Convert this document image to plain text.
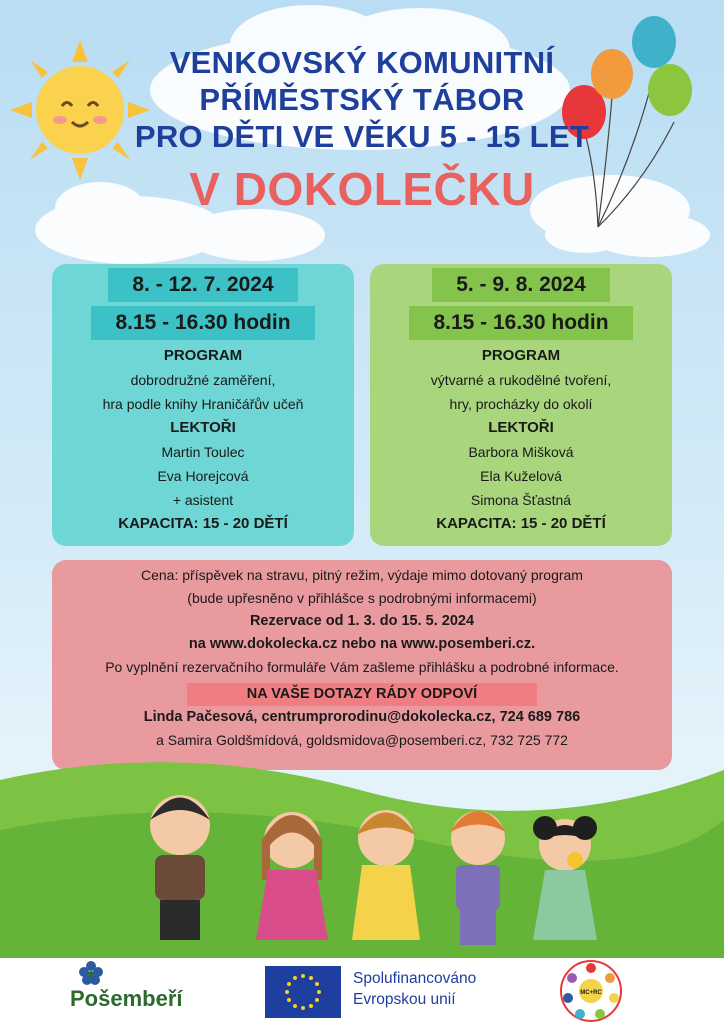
VENKOVSKÝ KOMUNITNÍ
PŘÍMĚSTSKÝ TÁBOR
PRO DĚTI VE VĚKU 5 - 15 LET
V DOKOLEČKU
8. - 12. 7. 2024
8.15 - 16.30 hodin
PROGRAM
dobrodružné zaměření,
hra podle knihy Hraničářův učeň
LEKTOŘI
Martin Toulec
Eva Horejcová
+ asistent
KAPACITA: 15 - 20 DĚTÍ
5. - 9. 8. 2024
8.15 - 16.30 hodin
PROGRAM
výtvarné a rukodělné tvoření,
hry, procházky do okolí
LEKTOŘI
Barbora Mišková
Ela Kuželová
Simona Šťastná
KAPACITA: 15 - 20 DĚTÍ
Cena: příspěvek na stravu, pitný režim, výdaje mimo dotovaný program
(bude upřesněno v přihlášce s podrobnými informacemi)
Rezervace od 1. 3. do 15. 5. 2024
na www.dokolecka.cz nebo na www.posemberi.cz.
Po vyplnění rezervačního formuláře Vám zašleme přihlášku a podrobné informace.
NA VAŠE DOTAZY RÁDY ODPOVÍ
Linda Pačesová, centrumprorodinu@dokolecka.cz, 724 689 786
a Samira Goldšmídová, goldsmidova@posemberi.cz, 732 725 772
Pošembeří
Spolufinancováno
Evropskou unií	MC+RC
